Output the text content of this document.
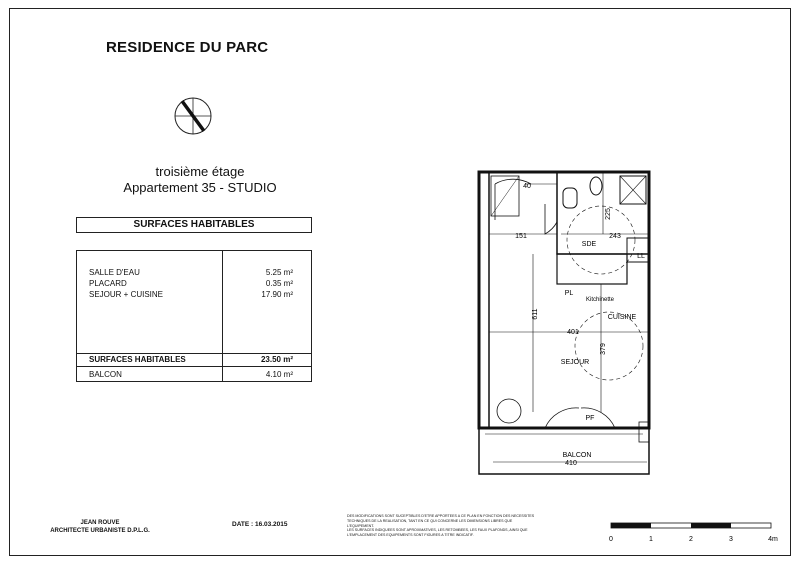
RESIDENCE DU PARC
troisième étage
Appartement 35 - STUDIO
SURFACES HABITABLES
SALLE D'EAU	5.25 m²
PLACARD	0.35 m²
SEJOUR + CUISINE	17.90 m²
SURFACES HABITABLES	23.50 m²
BALCON	4.10 m²
40
225
151	243
SDE
LL
PL
Kitchinette
CUISINE
611
401
379
SEJOUR
PF
BALCON
410
JEAN ROUVE
ARCHITECTE URBANISTE D.P.L.G.
DATE : 16.03.2015
DES MODIFICATIONS SONT SUCEPTIBLES D'ETRE APPORTEES A CE PLAN EN FONCTION DES NECESSITES
TECHNIQUES DE LA REALISATION, TANT EN CE QUI CONCERNE LES DIMENSIONS LIBRES QUE
L'EQUIPEMENT.
LES SURFACES INDIQUEES SONT APROXIMATIVES, LES RETOMBEES, LES FAUX PLAFONDS, AINSI QUE
L'EMPLACEMENT DES EQUIPEMENTS SONT FIGURES A TITRE INDICATIF.
0	1	2	3	4m
